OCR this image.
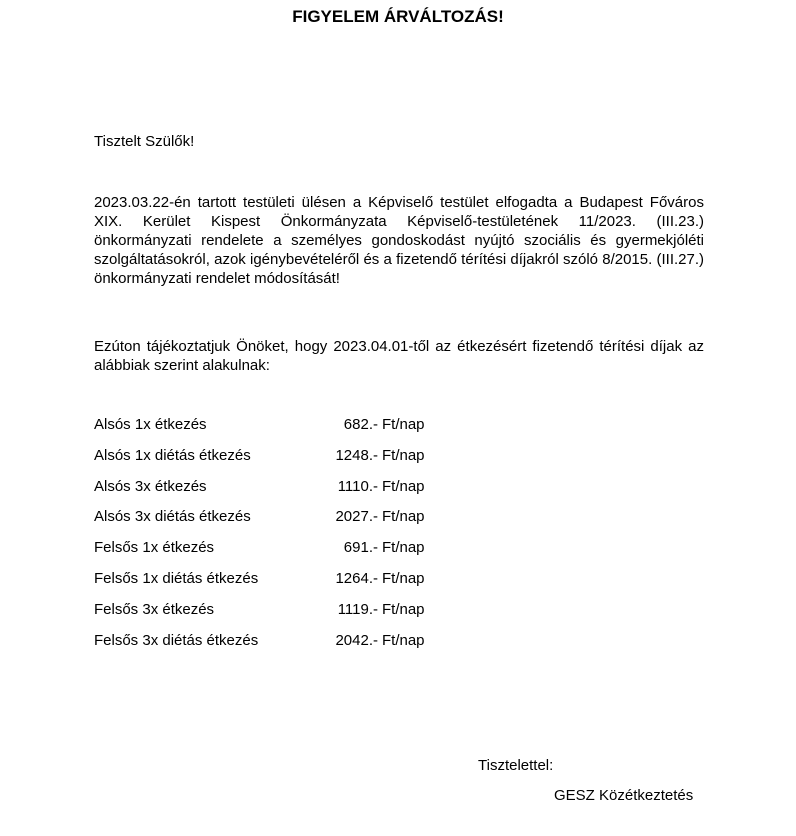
FIGYELEM ÁRVÁLTOZÁS!
Tisztelt Szülők!
2023.03.22-én tartott testületi ülésen a Képviselő testület elfogadta a Budapest Főváros XIX. Kerület Kispest Önkormányzata Képviselő-testületének 11/2023. (III.23.) önkormányzati rendelete a személyes gondoskodást nyújtó szociális és gyermekjóléti szolgáltatásokról, azok igénybevételéről és a fizetendő térítési díjakról szóló 8/2015. (III.27.) önkormányzati rendelet módosítását!
Ezúton tájékoztatjuk Önöket, hogy 2023.04.01-től az étkezésért fizetendő térítési díjak az alábbiak szerint alakulnak:
Alsós 1x étkezés	682.- Ft/nap
Alsós 1x diétás étkezés	1248.- Ft/nap
Alsós 3x étkezés	1110.- Ft/nap
Alsós 3x diétás étkezés	2027.- Ft/nap
Felsős 1x étkezés	691.- Ft/nap
Felsős 1x diétás étkezés	1264.- Ft/nap
Felsős 3x étkezés	1119.- Ft/nap
Felsős 3x diétás étkezés	2042.- Ft/nap
Tisztelettel:
GESZ Közétkeztetés
